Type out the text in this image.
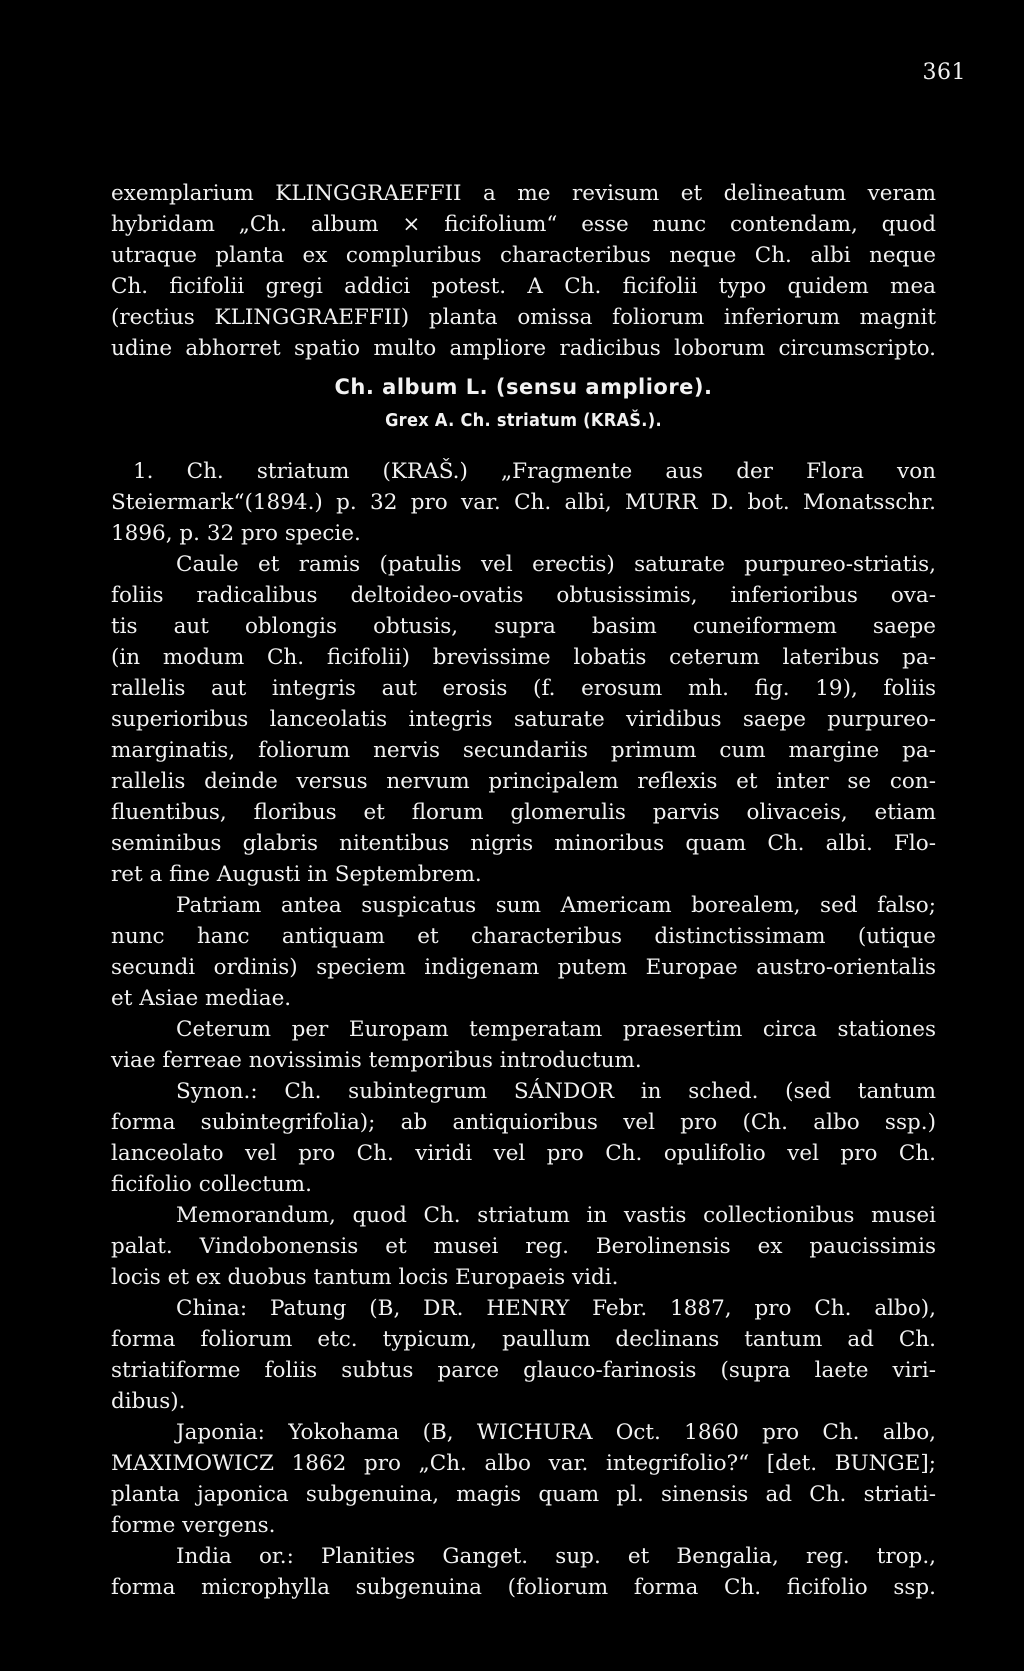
361
exemplarium KLINGGRAEFFII a me revisum et delineatum veram
hybridam „Ch. album × ficifolium“ esse nunc contendam, quod
utraque planta ex compluribus characteribus neque Ch. albi neque
Ch. ficifolii gregi addici potest. A Ch. ficifolii typo quidem mea
(rectius KLINGGRAEFFII) planta omissa foliorum inferiorum magnit
udine abhorret spatio multo ampliore radicibus loborum circumscripto.
Ch. album L. (sensu ampliore).
Grex A. Ch. striatum (KRAŠ.).
1. Ch. striatum (KRAŠ.) „Fragmente aus der Flora von
Steiermark“(1894.) p. 32 pro var. Ch. albi, MURR D. bot. Monatsschr.
1896, p. 32 pro specie.
Caule et ramis (patulis vel erectis) saturate purpureo-striatis,
foliis radicalibus deltoideo-ovatis obtusissimis, inferioribus ova-
tis aut oblongis obtusis, supra basim cuneiformem saepe
(in modum Ch. ficifolii) brevissime lobatis ceterum lateribus pa-
rallelis aut integris aut erosis (f. erosum mh. fig. 19), foliis
superioribus lanceolatis integris saturate viridibus saepe purpureo-
marginatis, foliorum nervis secundariis primum cum margine pa-
rallelis deinde versus nervum principalem reflexis et inter se con-
fluentibus, floribus et florum glomerulis parvis olivaceis, etiam
seminibus glabris nitentibus nigris minoribus quam Ch. albi. Flo-
ret a fine Augusti in Septembrem.
Patriam antea suspicatus sum Americam borealem, sed falso;
nunc hanc antiquam et characteribus distinctissimam (utique
secundi ordinis) speciem indigenam putem Europae austro-orientalis
et Asiae mediae.
Ceterum per Europam temperatam praesertim circa stationes
viae ferreae novissimis temporibus introductum.
Synon.: Ch. subintegrum SÁNDOR in sched. (sed tantum
forma subintegrifolia); ab antiquioribus vel pro (Ch. albo ssp.)
lanceolato vel pro Ch. viridi vel pro Ch. opulifolio vel pro Ch.
ficifolio collectum.
Memorandum, quod Ch. striatum in vastis collectionibus musei
palat. Vindobonensis et musei reg. Berolinensis ex paucissimis
locis et ex duobus tantum locis Europaeis vidi.
China: Patung (B, DR. HENRY Febr. 1887, pro Ch. albo),
forma foliorum etc. typicum, paullum declinans tantum ad Ch.
striatiforme foliis subtus parce glauco-farinosis (supra laete viri-
dibus).
Japonia: Yokohama (B, WICHURA Oct. 1860 pro Ch. albo,
MAXIMOWICZ 1862 pro „Ch. albo var. integrifolio?“ [det. BUNGE];
planta japonica subgenuina, magis quam pl. sinensis ad Ch. striati-
forme vergens.
India or.: Planities Ganget. sup. et Bengalia, reg. trop.,
forma microphylla subgenuina (foliorum forma Ch. ficifolio ssp.
